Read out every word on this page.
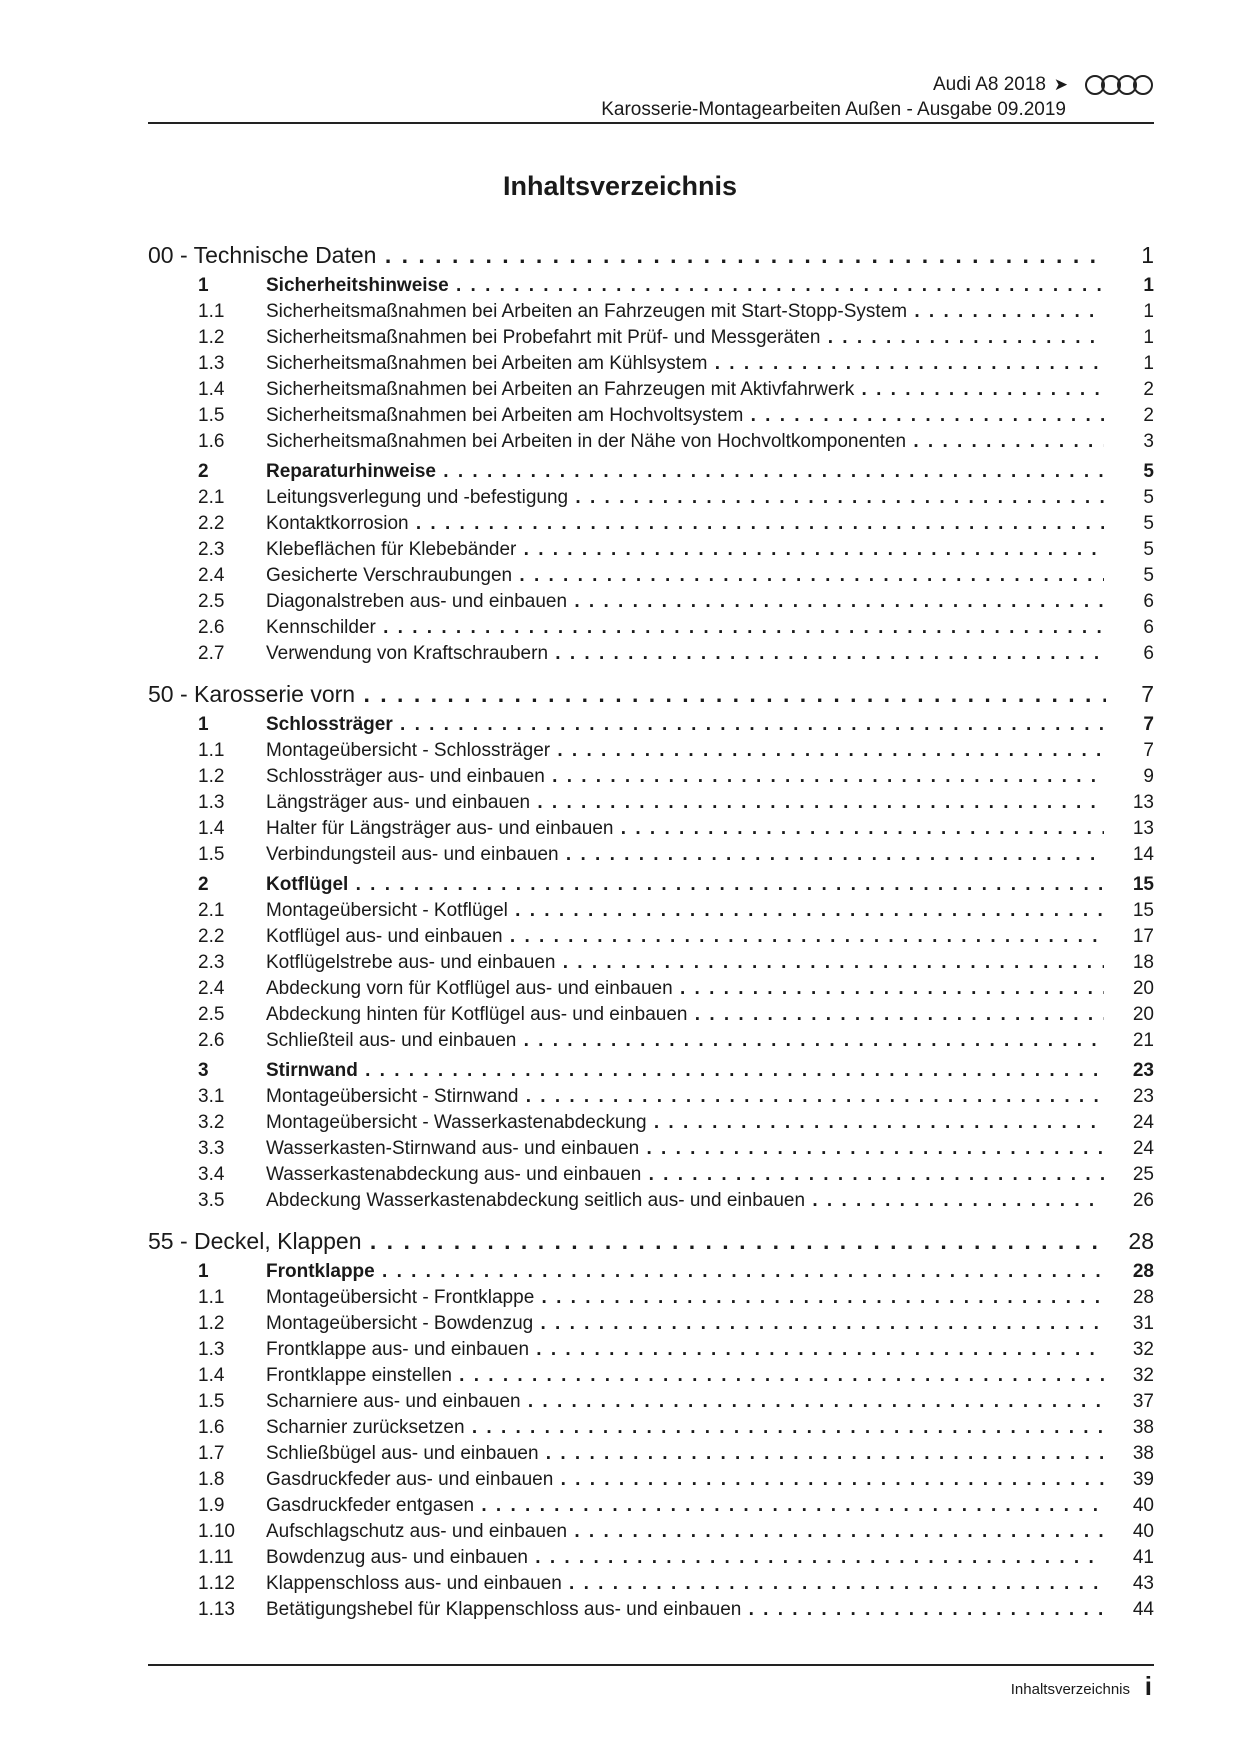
Audi A8 2018 ➤
Karosserie-Montagearbeiten Außen - Ausgabe 09.2019
Inhaltsverzeichnis
00 - Technische Daten . . .	1
1	Sicherheitshinweise . . .	1
1.1 Sicherheitsmaßnahmen bei Arbeiten an Fahrzeugen mit Start-Stopp-System . . .	1
1.2 Sicherheitsmaßnahmen bei Probefahrt mit Prüf- und Messgeräten . . .	1
1.3 Sicherheitsmaßnahmen bei Arbeiten am Kühlsystem . . .	1
1.4 Sicherheitsmaßnahmen bei Arbeiten an Fahrzeugen mit Aktivfahrwerk . . .	2
1.5 Sicherheitsmaßnahmen bei Arbeiten am Hochvoltsystem . . .	2
1.6 Sicherheitsmaßnahmen bei Arbeiten in der Nähe von Hochvoltkomponenten . . .	3
2	Reparaturhinweise . . .	5
2.1 Leitungsverlegung und -befestigung . . .	5
2.2 Kontaktkorrosion . . .	5
2.3 Klebeflächen für Klebebänder . . .	5
2.4 Gesicherte Verschraubungen . . .	5
2.5 Diagonalstreben aus- und einbauen . . .	6
2.6 Kennschilder . . .	6
2.7 Verwendung von Kraftschraubern . . .	6
50 - Karosserie vorn . . .	7
1	Schlossträger . . .	7
1.1 Montageübersicht - Schlossträger . . .	7
1.2 Schlossträger aus- und einbauen . . .	9
1.3 Längsträger aus- und einbauen . . .	13
1.4 Halter für Längsträger aus- und einbauen . . .	13
1.5 Verbindungsteil aus- und einbauen . . .	14
2	Kotflügel . . .	15
2.1 Montageübersicht - Kotflügel . . .	15
2.2 Kotflügel aus- und einbauen . . .	17
2.3 Kotflügelstrebe aus- und einbauen . . .	18
2.4 Abdeckung vorn für Kotflügel aus- und einbauen . . .	20
2.5 Abdeckung hinten für Kotflügel aus- und einbauen . . .	20
2.6 Schließteil aus- und einbauen . . .	21
3	Stirnwand . . .	23
3.1 Montageübersicht - Stirnwand . . .	23
3.2 Montageübersicht - Wasserkastenabdeckung . . .	24
3.3 Wasserkasten-Stirnwand aus- und einbauen . . .	24
3.4 Wasserkastenabdeckung aus- und einbauen . . .	25
3.5 Abdeckung Wasserkastenabdeckung seitlich aus- und einbauen . . .	26
55 - Deckel, Klappen . . .	28
1	Frontklappe . . .	28
1.1 Montageübersicht - Frontklappe . . .	28
1.2 Montageübersicht - Bowdenzug . . .	31
1.3 Frontklappe aus- und einbauen . . .	32
1.4 Frontklappe einstellen . . .	32
1.5 Scharniere aus- und einbauen . . .	37
1.6 Scharnier zurücksetzen . . .	38
1.7 Schließbügel aus- und einbauen . . .	38
1.8 Gasdruckfeder aus- und einbauen . . .	39
1.9 Gasdruckfeder entgasen . . .	40
1.10 Aufschlagschutz aus- und einbauen . . .	40
1.11 Bowdenzug aus- und einbauen . . .	41
1.12 Klappenschloss aus- und einbauen . . .	43
1.13 Betätigungshebel für Klappenschloss aus- und einbauen . . .	44
Inhaltsverzeichnis i
